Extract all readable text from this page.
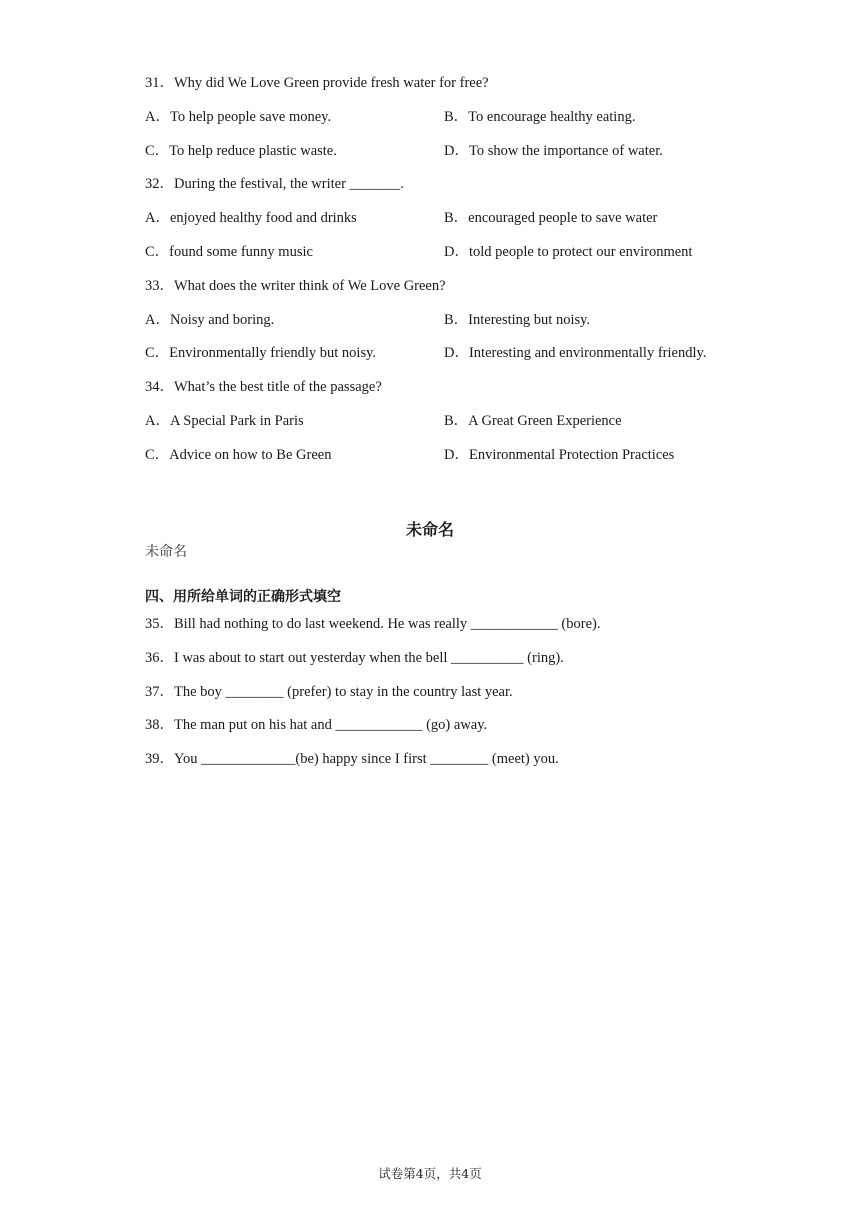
31．Why did We Love Green provide fresh water for free?
A．To help people save money.	B．To encourage healthy eating.
C．To help reduce plastic waste.	D．To show the importance of water.
32．During the festival, the writer _______.
A．enjoyed healthy food and drinks	B．encouraged people to save water
C．found some funny music	D．told people to protect our environment
33．What does the writer think of We Love Green?
A．Noisy and boring.	B．Interesting but noisy.
C．Environmentally friendly but noisy.	D．Interesting and environmentally friendly.
34．What’s the best title of the passage?
A．A Special Park in Paris	B．A Great Green Experience
C．Advice on how to Be Green	D．Environmental Protection Practices
未命名
未命名
四、用所给单词的正确形式填空
35．Bill had nothing to do last weekend. He was really ____________ (bore).
36．I was about to start out yesterday when the bell __________ (ring).
37．The boy ________ (prefer) to stay in the country last year.
38．The man put on his hat and ____________ (go) away.
39．You _____________(be) happy since I first ________ (meet) you.
试卷第4页，共4页
